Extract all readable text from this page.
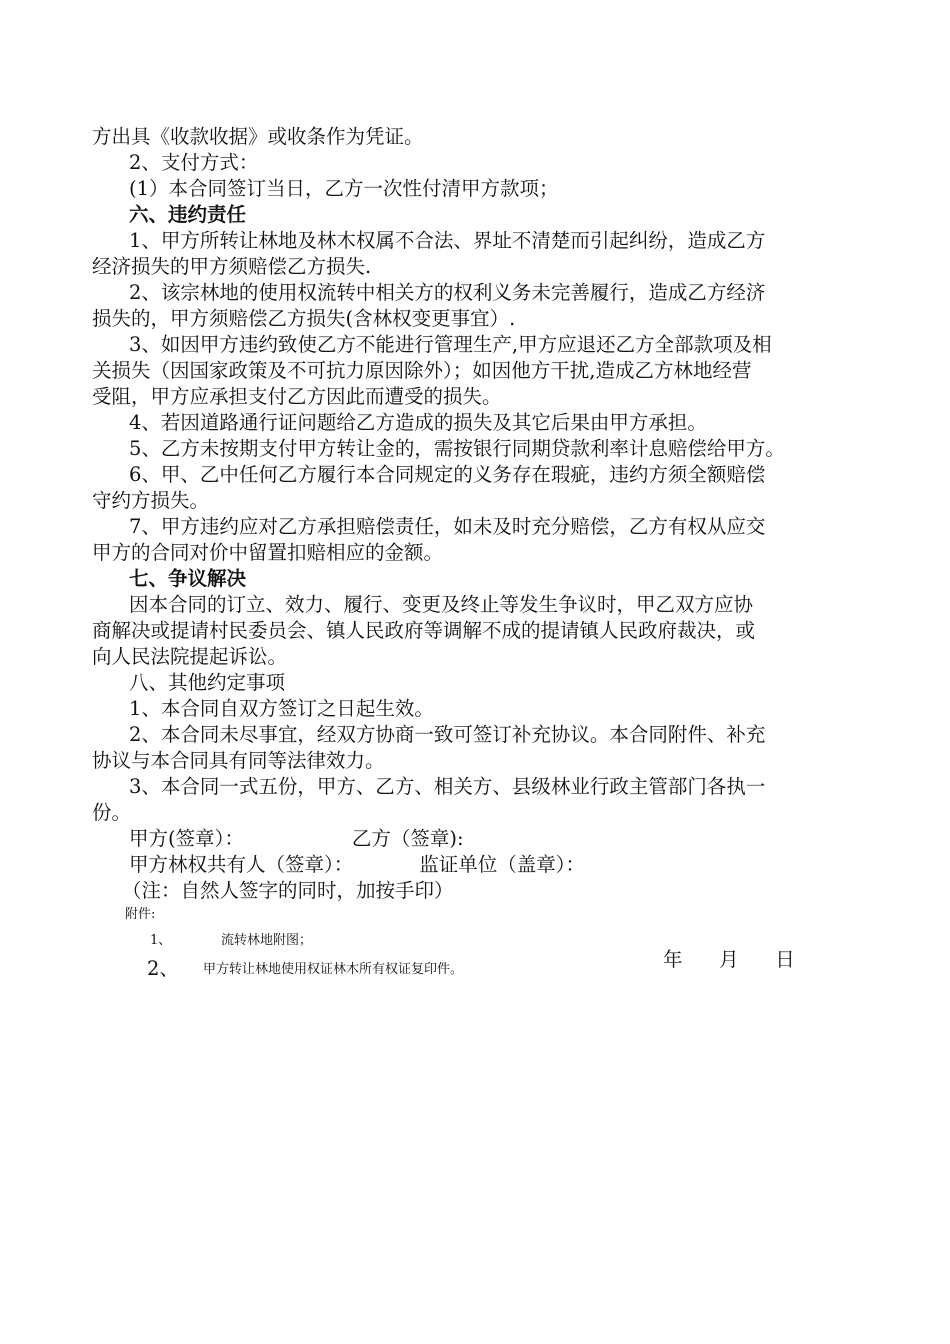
方出具《收款收据》或收条作为凭证。
2、支付方式：
(1）本合同签订当日，乙方一次性付清甲方款项；
六、违约责任
1、甲方所转让林地及林木权属不合法、界址不清楚而引起纠纷，造成乙方
经济损失的甲方须赔偿乙方损失.
2、该宗林地的使用权流转中相关方的权利义务未完善履行，造成乙方经济
损失的，甲方须赔偿乙方损失(含林权变更事宜）.
3、如因甲方违约致使乙方不能进行管理生产,甲方应退还乙方全部款项及相
关损失（因国家政策及不可抗力原因除外）；如因他方干扰,造成乙方林地经营
受阻，甲方应承担支付乙方因此而遭受的损失。
4、若因道路通行证问题给乙方造成的损失及其它后果由甲方承担。
5、乙方未按期支付甲方转让金的，需按银行同期贷款利率计息赔偿给甲方。
6、甲、乙中任何乙方履行本合同规定的义务存在瑕疵，违约方须全额赔偿
守约方损失。
7、甲方违约应对乙方承担赔偿责任，如未及时充分赔偿，乙方有权从应交
甲方的合同对价中留置扣赔相应的金额。
七、争议解决
因本合同的订立、效力、履行、变更及终止等发生争议时，甲乙双方应协
商解决或提请村民委员会、镇人民政府等调解不成的提请镇人民政府裁决，或
向人民法院提起诉讼。
八、其他约定事项
1、本合同自双方签订之日起生效。
2、本合同未尽事宜，经双方协商一致可签订补充协议。本合同附件、补充
协议与本合同具有同等法律效力。
3、本合同一式五份，甲方、乙方、相关方、县级林业行政主管部门各执一
份。
甲方(签章）：	乙方（签章):
甲方林权共有人（签章）：	监证单位（盖章）：
（注：自然人签字的同时，加按手印）
附件:
1、	流转林地附图；
2、 甲方转让林地使用权证林木所有权证复印件。	年 月 日
